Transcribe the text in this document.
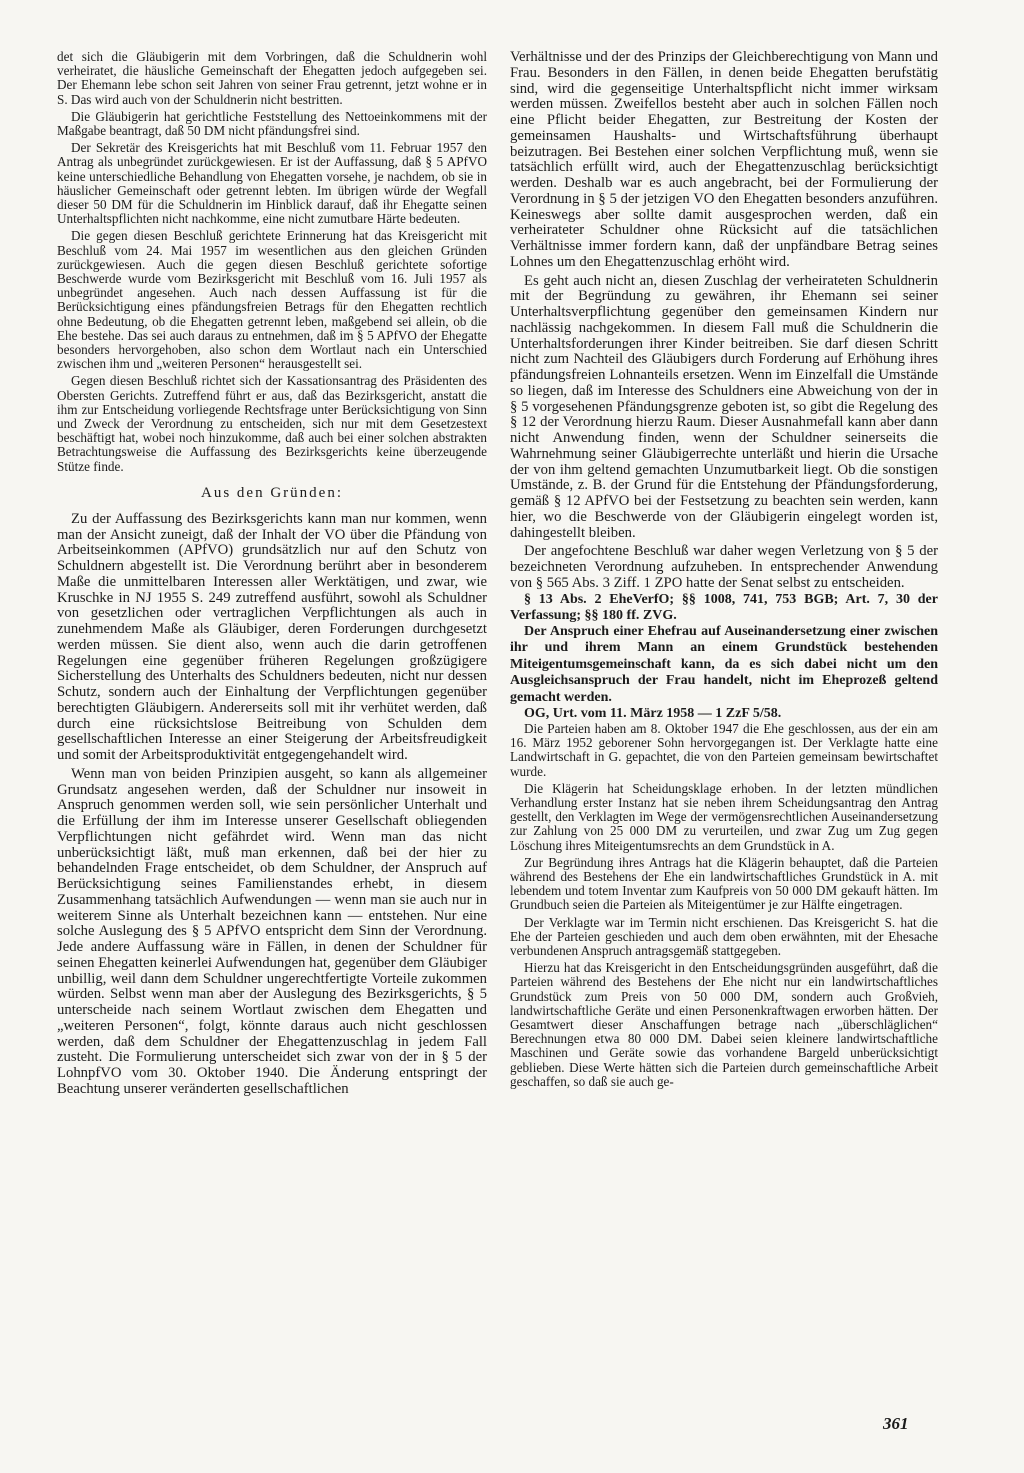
det sich die Gläubigerin mit dem Vorbringen, daß die Schuldnerin wohl verheiratet, die häusliche Gemeinschaft der Ehegatten jedoch aufgegeben sei. Der Ehemann lebe schon seit Jahren von seiner Frau getrennt, jetzt wohne er in S. Das wird auch von der Schuldnerin nicht bestritten.

Die Gläubigerin hat gerichtliche Feststellung des Nettoeinkommens mit der Maßgabe beantragt, daß 50 DM nicht pfändungsfrei sind.

Der Sekretär des Kreisgerichts hat mit Beschluß vom 11. Februar 1957 den Antrag als unbegründet zurückgewiesen. Er ist der Auffassung, daß § 5 APfVO keine unterschiedliche Behandlung von Ehegatten vorsehe, je nachdem, ob sie in häuslicher Gemeinschaft oder getrennt lebten. Im übrigen würde der Wegfall dieser 50 DM für die Schuldnerin im Hinblick darauf, daß ihr Ehegatte seinen Unterhaltspflichten nicht nachkomme, eine nicht zumutbare Härte bedeuten.

Die gegen diesen Beschluß gerichtete Erinnerung hat das Kreisgericht mit Beschluß vom 24. Mai 1957 im wesentlichen aus den gleichen Gründen zurückgewiesen. Auch die gegen diesen Beschluß gerichtete sofortige Beschwerde wurde vom Bezirksgericht mit Beschluß vom 16. Juli 1957 als unbegründet angesehen. Auch nach dessen Auffassung ist für die Berücksichtigung eines pfändungsfreien Betrags für den Ehegatten rechtlich ohne Bedeutung, ob die Ehegatten getrennt leben, maßgebend sei allein, ob die Ehe bestehe. Das sei auch daraus zu entnehmen, daß im § 5 APfVO der Ehegatte besonders hervorgehoben, also schon dem Wortlaut nach ein Unterschied zwischen ihm und „weiteren Personen“ herausgestellt sei.

Gegen diesen Beschluß richtet sich der Kassationsantrag des Präsidenten des Obersten Gerichts. Zutreffend führt er aus, daß das Bezirksgericht, anstatt die ihm zur Entscheidung vorliegende Rechtsfrage unter Berücksichtigung von Sinn und Zweck der Verordnung zu entscheiden, sich nur mit dem Gesetzestext beschäftigt hat, wobei noch hinzukomme, daß auch bei einer solchen abstrakten Betrachtungsweise die Auffassung des Bezirksgerichts keine überzeugende Stütze finde.

Aus den Gründen:

Zu der Auffassung des Bezirksgerichts kann man nur kommen, wenn man der Ansicht zuneigt, daß der Inhalt der VO über die Pfändung von Arbeitseinkommen (APfVO) grundsätzlich nur auf den Schutz von Schuldnern abgestellt ist. Die Verordnung berührt aber in besonderem Maße die unmittelbaren Interessen aller Werktätigen, und zwar, wie Kruschke in NJ 1955 S. 249 zutreffend ausführt, sowohl als Schuldner von gesetzlichen oder vertraglichen Verpflichtungen als auch in zunehmendem Maße als Gläubiger, deren Forderungen durchgesetzt werden müssen. Sie dient also, wenn auch die darin getroffenen Regelungen eine gegenüber früheren Regelungen großzügigere Sicherstellung des Unterhalts des Schuldners bedeuten, nicht nur dessen Schutz, sondern auch der Einhaltung der Verpflichtungen gegenüber berechtigten Gläubigern. Andererseits soll mit ihr verhütet werden, daß durch eine rücksichtslose Beitreibung von Schulden dem gesellschaftlichen Interesse an einer Steigerung der Arbeitsfreudigkeit und somit der Arbeitsproduktivität entgegengehandelt wird.

Wenn man von beiden Prinzipien ausgeht, so kann als allgemeiner Grundsatz angesehen werden, daß der Schuldner nur insoweit in Anspruch genommen werden soll, wie sein persönlicher Unterhalt und die Erfüllung der ihm im Interesse unserer Gesellschaft obliegenden Verpflichtungen nicht gefährdet wird. Wenn man das nicht unberücksichtigt läßt, muß man erkennen, daß bei der hier zu behandelnden Frage entscheidet, ob dem Schuldner, der Anspruch auf Berücksichtigung seines Familienstandes erhebt, in diesem Zusammenhang tatsächlich Aufwendungen — wenn man sie auch nur in weiterem Sinne als Unterhalt bezeichnen kann — entstehen. Nur eine solche Auslegung des § 5 APfVO entspricht dem Sinn der Verordnung. Jede andere Auffassung wäre in Fällen, in denen der Schuldner für seinen Ehegatten keinerlei Aufwendungen hat, gegenüber dem Gläubiger unbillig, weil dann dem Schuldner ungerechtfertigte Vorteile zukommen würden. Selbst wenn man aber der Auslegung des Bezirksgerichts, § 5 unterscheide nach seinem Wortlaut zwischen dem Ehegatten und „weiteren Personen“, folgt, könnte daraus auch nicht geschlossen werden, daß dem Schuldner der Ehegattenzuschlag in jedem Fall zusteht. Die Formulierung unterscheidet sich zwar von der in § 5 der LohnpfVO vom 30. Oktober 1940. Die Änderung entspringt der Beachtung unserer veränderten gesellschaftlichen

Verhältnisse und der des Prinzips der Gleichberechtigung von Mann und Frau. Besonders in den Fällen, in denen beide Ehegatten berufstätig sind, wird die gegenseitige Unterhaltspflicht nicht immer wirksam werden müssen. Zweifellos besteht aber auch in solchen Fällen noch eine Pflicht beider Ehegatten, zur Bestreitung der Kosten der gemeinsamen Haushalts- und Wirtschaftsführung überhaupt beizutragen. Bei Bestehen einer solchen Verpflichtung muß, wenn sie tatsächlich erfüllt wird, auch der Ehegattenzuschlag berücksichtigt werden. Deshalb war es auch angebracht, bei der Formulierung der Verordnung in § 5 der jetzigen VO den Ehegatten besonders anzuführen. Keineswegs aber sollte damit ausgesprochen werden, daß ein verheirateter Schuldner ohne Rücksicht auf die tatsächlichen Verhältnisse immer fordern kann, daß der unpfändbare Betrag seines Lohnes um den Ehegattenzuschlag erhöht wird.

Es geht auch nicht an, diesen Zuschlag der verheirateten Schuldnerin mit der Begründung zu gewähren, ihr Ehemann sei seiner Unterhaltsverpflichtung gegenüber den gemeinsamen Kindern nur nachlässig nachgekommen. In diesem Fall muß die Schuldnerin die Unterhaltsforderungen ihrer Kinder beitreiben. Sie darf diesen Schritt nicht zum Nachteil des Gläubigers durch Forderung auf Erhöhung ihres pfändungsfreien Lohnanteils ersetzen. Wenn im Einzelfall die Umstände so liegen, daß im Interesse des Schuldners eine Abweichung von der in § 5 vorgesehenen Pfändungsgrenze geboten ist, so gibt die Regelung des § 12 der Verordnung hierzu Raum. Dieser Ausnahmefall kann aber dann nicht Anwendung finden, wenn der Schuldner seinerseits die Wahrnehmung seiner Gläubigerrechte unterläßt und hierin die Ursache der von ihm geltend gemachten Unzumutbarkeit liegt. Ob die sonstigen Umstände, z. B. der Grund für die Entstehung der Pfändungsforderung, gemäß § 12 APfVO bei der Festsetzung zu beachten sein werden, kann hier, wo die Beschwerde von der Gläubigerin eingelegt worden ist, dahingestellt bleiben.

Der angefochtene Beschluß war daher wegen Verletzung von § 5 der bezeichneten Verordnung aufzuheben. In entsprechender Anwendung von § 565 Abs. 3 Ziff. 1 ZPO hatte der Senat selbst zu entscheiden.

§ 13 Abs. 2 EheVerfO; §§ 1008, 741, 753 BGB; Art. 7, 30 der Verfassung; §§ 180 ff. ZVG.

Der Anspruch einer Ehefrau auf Auseinandersetzung einer zwischen ihr und ihrem Mann an einem Grundstück bestehenden Miteigentumsgemeinschaft kann, da es sich dabei nicht um den Ausgleichsanspruch der Frau handelt, nicht im Eheprozeß geltend gemacht werden.

OG, Urt. vom 11. März 1958 — 1 ZzF 5/58.

Die Parteien haben am 8. Oktober 1947 die Ehe geschlossen, aus der ein am 16. März 1952 geborener Sohn hervorgegangen ist. Der Verklagte hatte eine Landwirtschaft in G. gepachtet, die von den Parteien gemeinsam bewirtschaftet wurde.

Die Klägerin hat Scheidungsklage erhoben. In der letzten mündlichen Verhandlung erster Instanz hat sie neben ihrem Scheidungsantrag den Antrag gestellt, den Verklagten im Wege der vermögensrechtlichen Auseinandersetzung zur Zahlung von 25 000 DM zu verurteilen, und zwar Zug um Zug gegen Löschung ihres Miteigentumsrechts an dem Grundstück in A.

Zur Begründung ihres Antrags hat die Klägerin behauptet, daß die Parteien während des Bestehens der Ehe ein landwirtschaftliches Grundstück in A. mit lebendem und totem Inventar zum Kaufpreis von 50 000 DM gekauft hätten. Im Grundbuch seien die Parteien als Miteigentümer je zur Hälfte eingetragen.

Der Verklagte war im Termin nicht erschienen. Das Kreisgericht S. hat die Ehe der Parteien geschieden und auch dem oben erwähnten, mit der Ehesache verbundenen Anspruch antragsgemäß stattgegeben.

Hierzu hat das Kreisgericht in den Entscheidungsgründen ausgeführt, daß die Parteien während des Bestehens der Ehe nicht nur ein landwirtschaftliches Grundstück zum Preis von 50 000 DM, sondern auch Großvieh, landwirtschaftliche Geräte und einen Personenkraftwagen erworben hätten. Der Gesamtwert dieser Anschaffungen betrage nach „überschläglichen“ Berechnungen etwa 80 000 DM. Dabei seien kleinere landwirtschaftliche Maschinen und Geräte sowie das vorhandene Bargeld unberücksichtigt geblieben. Diese Werte hätten sich die Parteien durch gemeinschaftliche Arbeit geschaffen, so daß sie auch ge-

361
